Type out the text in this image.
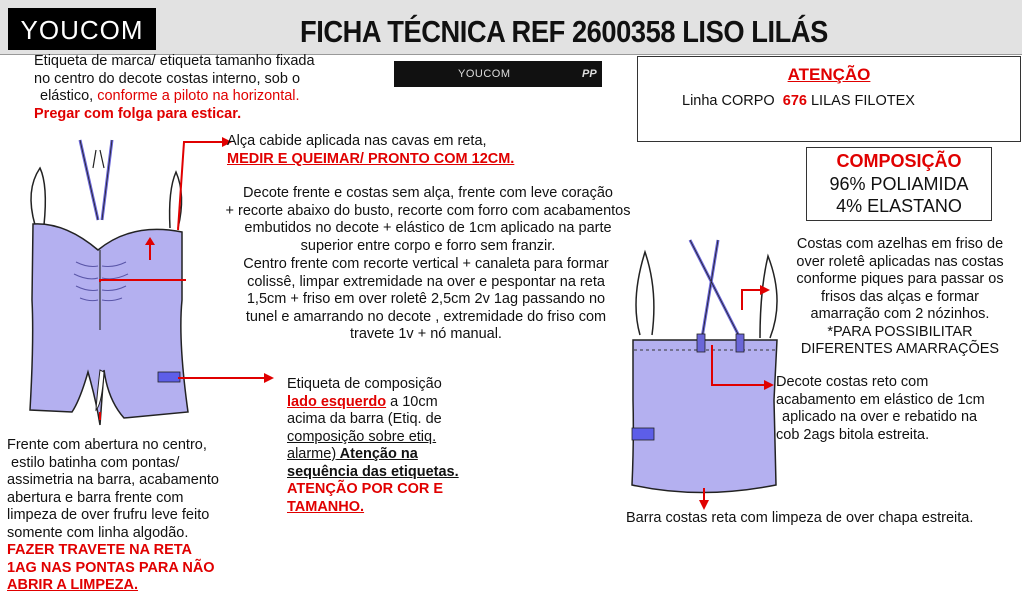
YOUCOM	FICHA TÉCNICA REF 2600358 LISO LILÁS
YOUCOM	PP	ATENÇÃO
Linha CORPO 676 LILAS FILOTEX
COMPOSIÇÃO
96% POLIAMIDA
4% ELASTANO
Etiqueta de marca/ etiqueta tamanho fixada
no centro do decote costas interno, sob o
elástico, conforme a piloto na horizontal.
Pregar com folga para esticar.
Alça cabide aplicada nas cavas em reta,
MEDIR E QUEIMAR/ PRONTO COM 12CM.
Decote frente e costas sem alça, frente com leve coração
+ recorte abaixo do busto, recorte com forro com acabamentos
embutidos no decote + elástico de 1cm aplicado na parte
superior entre corpo e forro sem franzir.
Centro frente com recorte vertical + canaleta para formar
colissê, limpar extremidade na over e pespontar na reta
1,5cm + friso em over roletê 2,5cm 2v 1ag passando no
tunel e amarrando no decote , extremidade do friso com
travete 1v + nó manual.
Etiqueta de composição
lado esquerdo a 10cm
acima da barra (Etiq. de
composição sobre etiq.
alarme) Atenção na
sequência das etiquetas.
ATENÇÃO POR COR E
TAMANHO.
Frente com abertura no centro,
estilo batinha com pontas/
assimetria na barra, acabamento
abertura e barra frente com
limpeza de over frufru leve feito
somente com linha algodão.
FAZER TRAVETE NA RETA
1AG NAS PONTAS PARA NÃO
ABRIR A LIMPEZA.
Costas com azelhas em friso de
over roletê aplicadas nas costas
conforme piques para passar os
frisos das alças e formar
amarração com 2 nózinhos.
*PARA POSSIBILITAR
DIFERENTES AMARRAÇÕES
Decote costas reto com
acabamento em elástico de 1cm
aplicado na over e rebatido na
cob 2ags bitola estreita.
Barra costas reta com limpeza de over chapa estreita.
